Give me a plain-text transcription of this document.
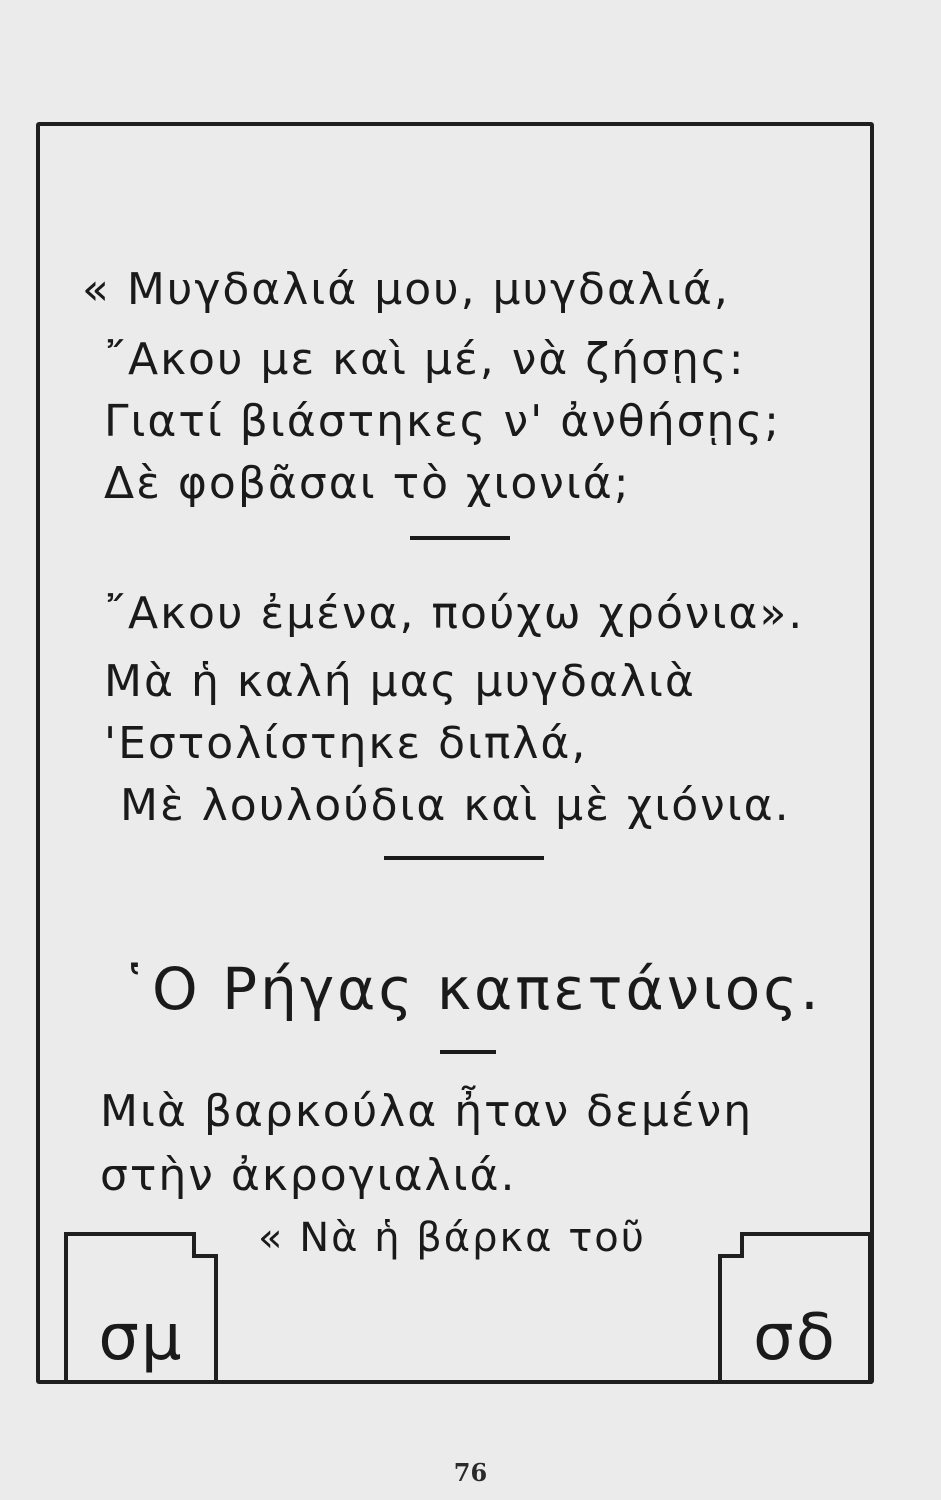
« Μυγδαλιά μου, μυγδαλιά,
῎Ακου με καὶ μέ, νὰ ζήσῃς:
Γιατί βιάστηκες ν' ἀνθήσῃς;
Δὲ φοβᾶσαι τὸ χιονιά;
῎Ακου ἐμένα, πούχω χρόνια».
Μὰ ἡ καλή μας μυγδαλιὰ
'Εστολίστηκε διπλά,
Μὲ λουλούδια καὶ μὲ χιόνια.
῾Ο Ρήγας καπετάνιος.
Μιὰ βαρκούλα ἦταν δεμένη
στὴν ἀκρογιαλιά.
« Νὰ ἡ βάρκα τοῦ
σμ	σδ
76
